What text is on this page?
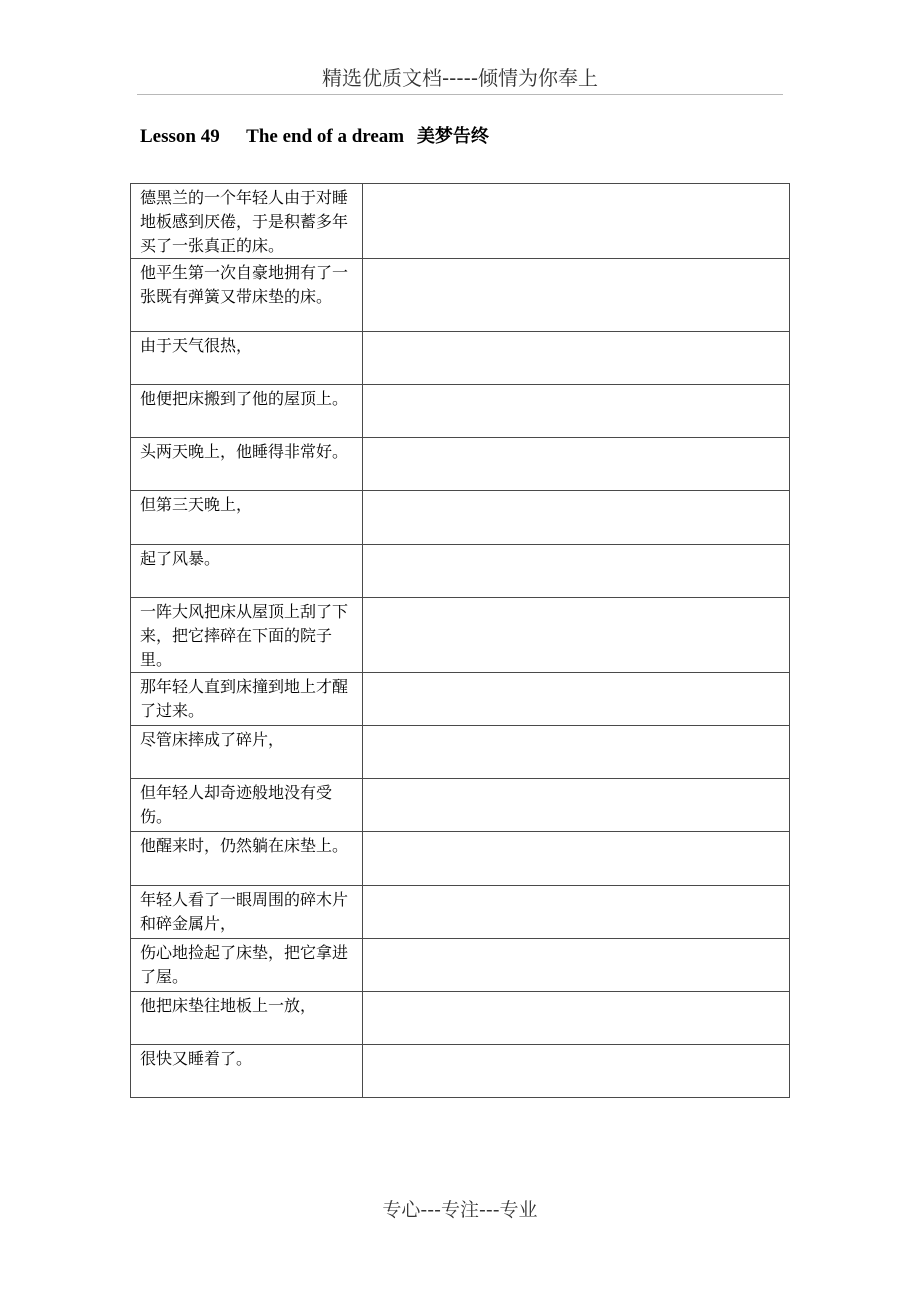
精选优质文档-----倾情为你奉上
Lesson 49 The end of a dream 美梦告终
德黑兰的一个年轻人由于对睡地板感到厌倦，于是积蓄多年买了一张真正的床。	

他平生第一次自豪地拥有了一张既有弹簧又带床垫的床。	

由于天气很热，	

他便把床搬到了他的屋顶上。	

头两天晚上，他睡得非常好。	

但第三天晚上，	

起了风暴。	

一阵大风把床从屋顶上刮了下来，把它摔碎在下面的院子里。	

那年轻人直到床撞到地上才醒了过来。	

尽管床摔成了碎片，	

但年轻人却奇迹般地没有受伤。	

他醒来时，仍然躺在床垫上。	

年轻人看了一眼周围的碎木片和碎金属片，	

伤心地捡起了床垫，把它拿进了屋。	

他把床垫往地板上一放，	

很快又睡着了。	

专心---专注---专业
